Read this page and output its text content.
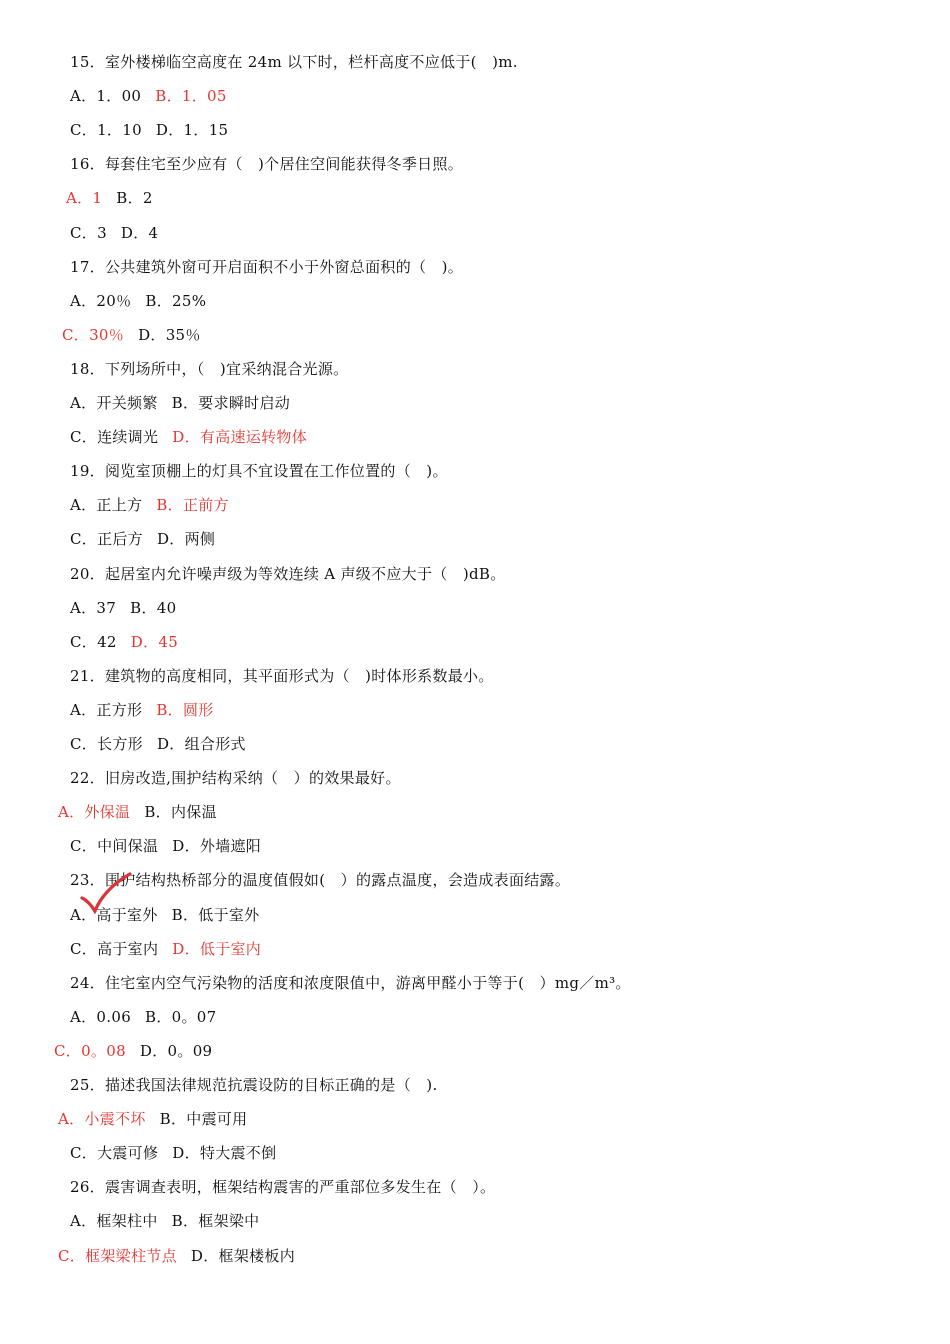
15．室外楼梯临空高度在 24m 以下时，栏杆高度不应低于(　)m.
A．1．00 B．1．05
C．1．10 D．1．15
16．每套住宅至少应有（　)个居住空间能获得冬季日照。
A．1 B．2
C．3 D．4
17．公共建筑外窗可开启面积不小于外窗总面积的（　)。
A．20％ B．25%
C．30％ D．35％
18．下列场所中，（　)宜采纳混合光源。
A．开关频繁 B．要求瞬时启动
C．连续调光 D．有高速运转物体
19．阅览室顶棚上的灯具不宜设置在工作位置的（　)。
A．正上方 B．正前方
C．正后方 D．两侧
20．起居室内允许噪声级为等效连续 A 声级不应大于（　)dB。
A．37 B．40
C．42 D．45
21．建筑物的高度相同，其平面形式为（　)时体形系数最小。
A．正方形 B．圆形
C．长方形 D．组合形式
22．旧房改造,围护结构采纳（　）的效果最好。
A．外保温 B．内保温
C．中间保温 D．外墙遮阳
23．围护结构热桥部分的温度值假如(　）的露点温度，会造成表面结露。
A．高于室外 B．低于室外
C．高于室内 D．低于室内
24．住宅室内空气污染物的活度和浓度限值中，游离甲醛小于等于(　）mg／m³。
A．0.06 B．0。07
C．0。08 D．0。09
25．描述我国法律规范抗震设防的目标正确的是（　).
A．小震不坏 B．中震可用
C．大震可修 D．特大震不倒
26．震害调查表明，框架结构震害的严重部位多发生在（　）。
A．框架柱中 B．框架梁中
C．框架梁柱节点 D．框架楼板内
